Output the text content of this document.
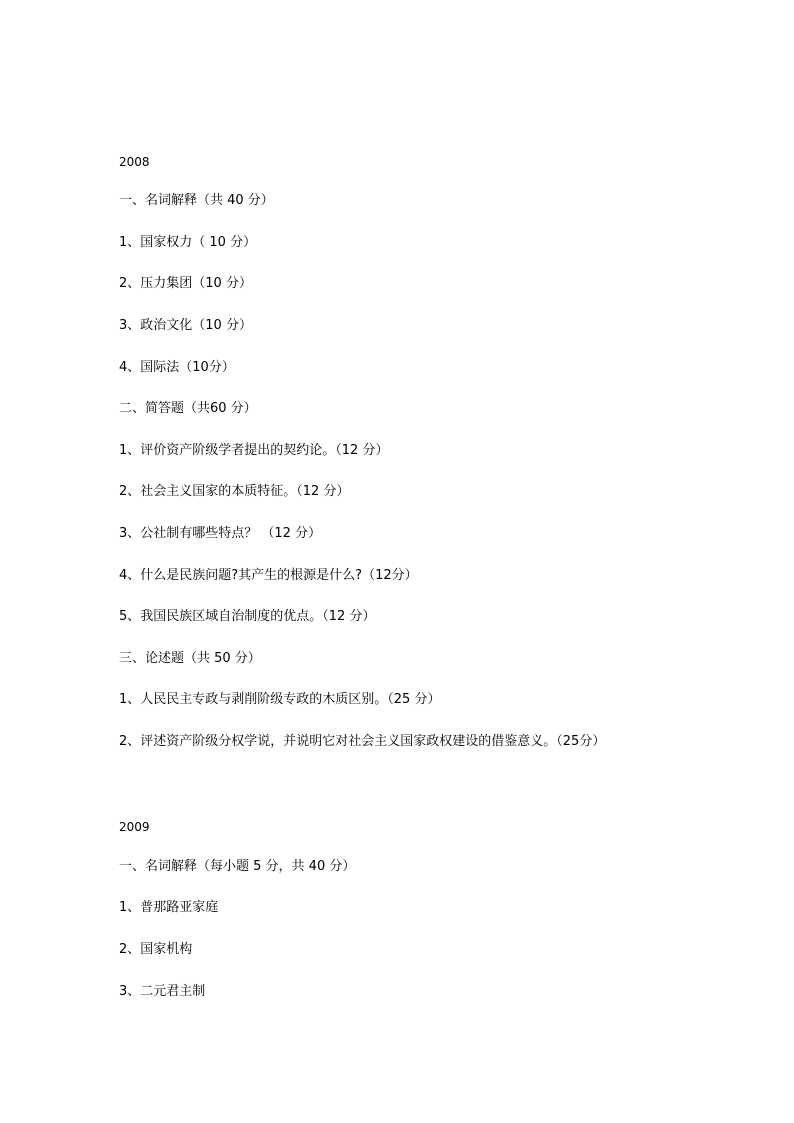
2008
一、名词解释（共 40 分）
1、国家权力（ 10 分）
2、压力集团（10 分）
3、政治文化（10 分）
4、国际法（10分）
二、简答题（共60 分）
1、评价资产阶级学者提出的契约论。（12 分）
2、社会主义国家的本质特征。（12 分）
3、公社制有哪些特点？ （12 分）
4、什么是民族问题?其产生的根源是什么?（12分）
5、我国民族区域自治制度的优点。（12 分）
三、论述题（共 50 分）
1、人民民主专政与剥削阶级专政的木质区别。（25 分）
2、评述资产阶级分权学说，并说明它对社会主义国家政权建设的借鉴意义。（25分）
2009
一、名词解释（每小题 5 分，共 40 分）
1、普那路亚家庭
2、国家机构
3、二元君主制
